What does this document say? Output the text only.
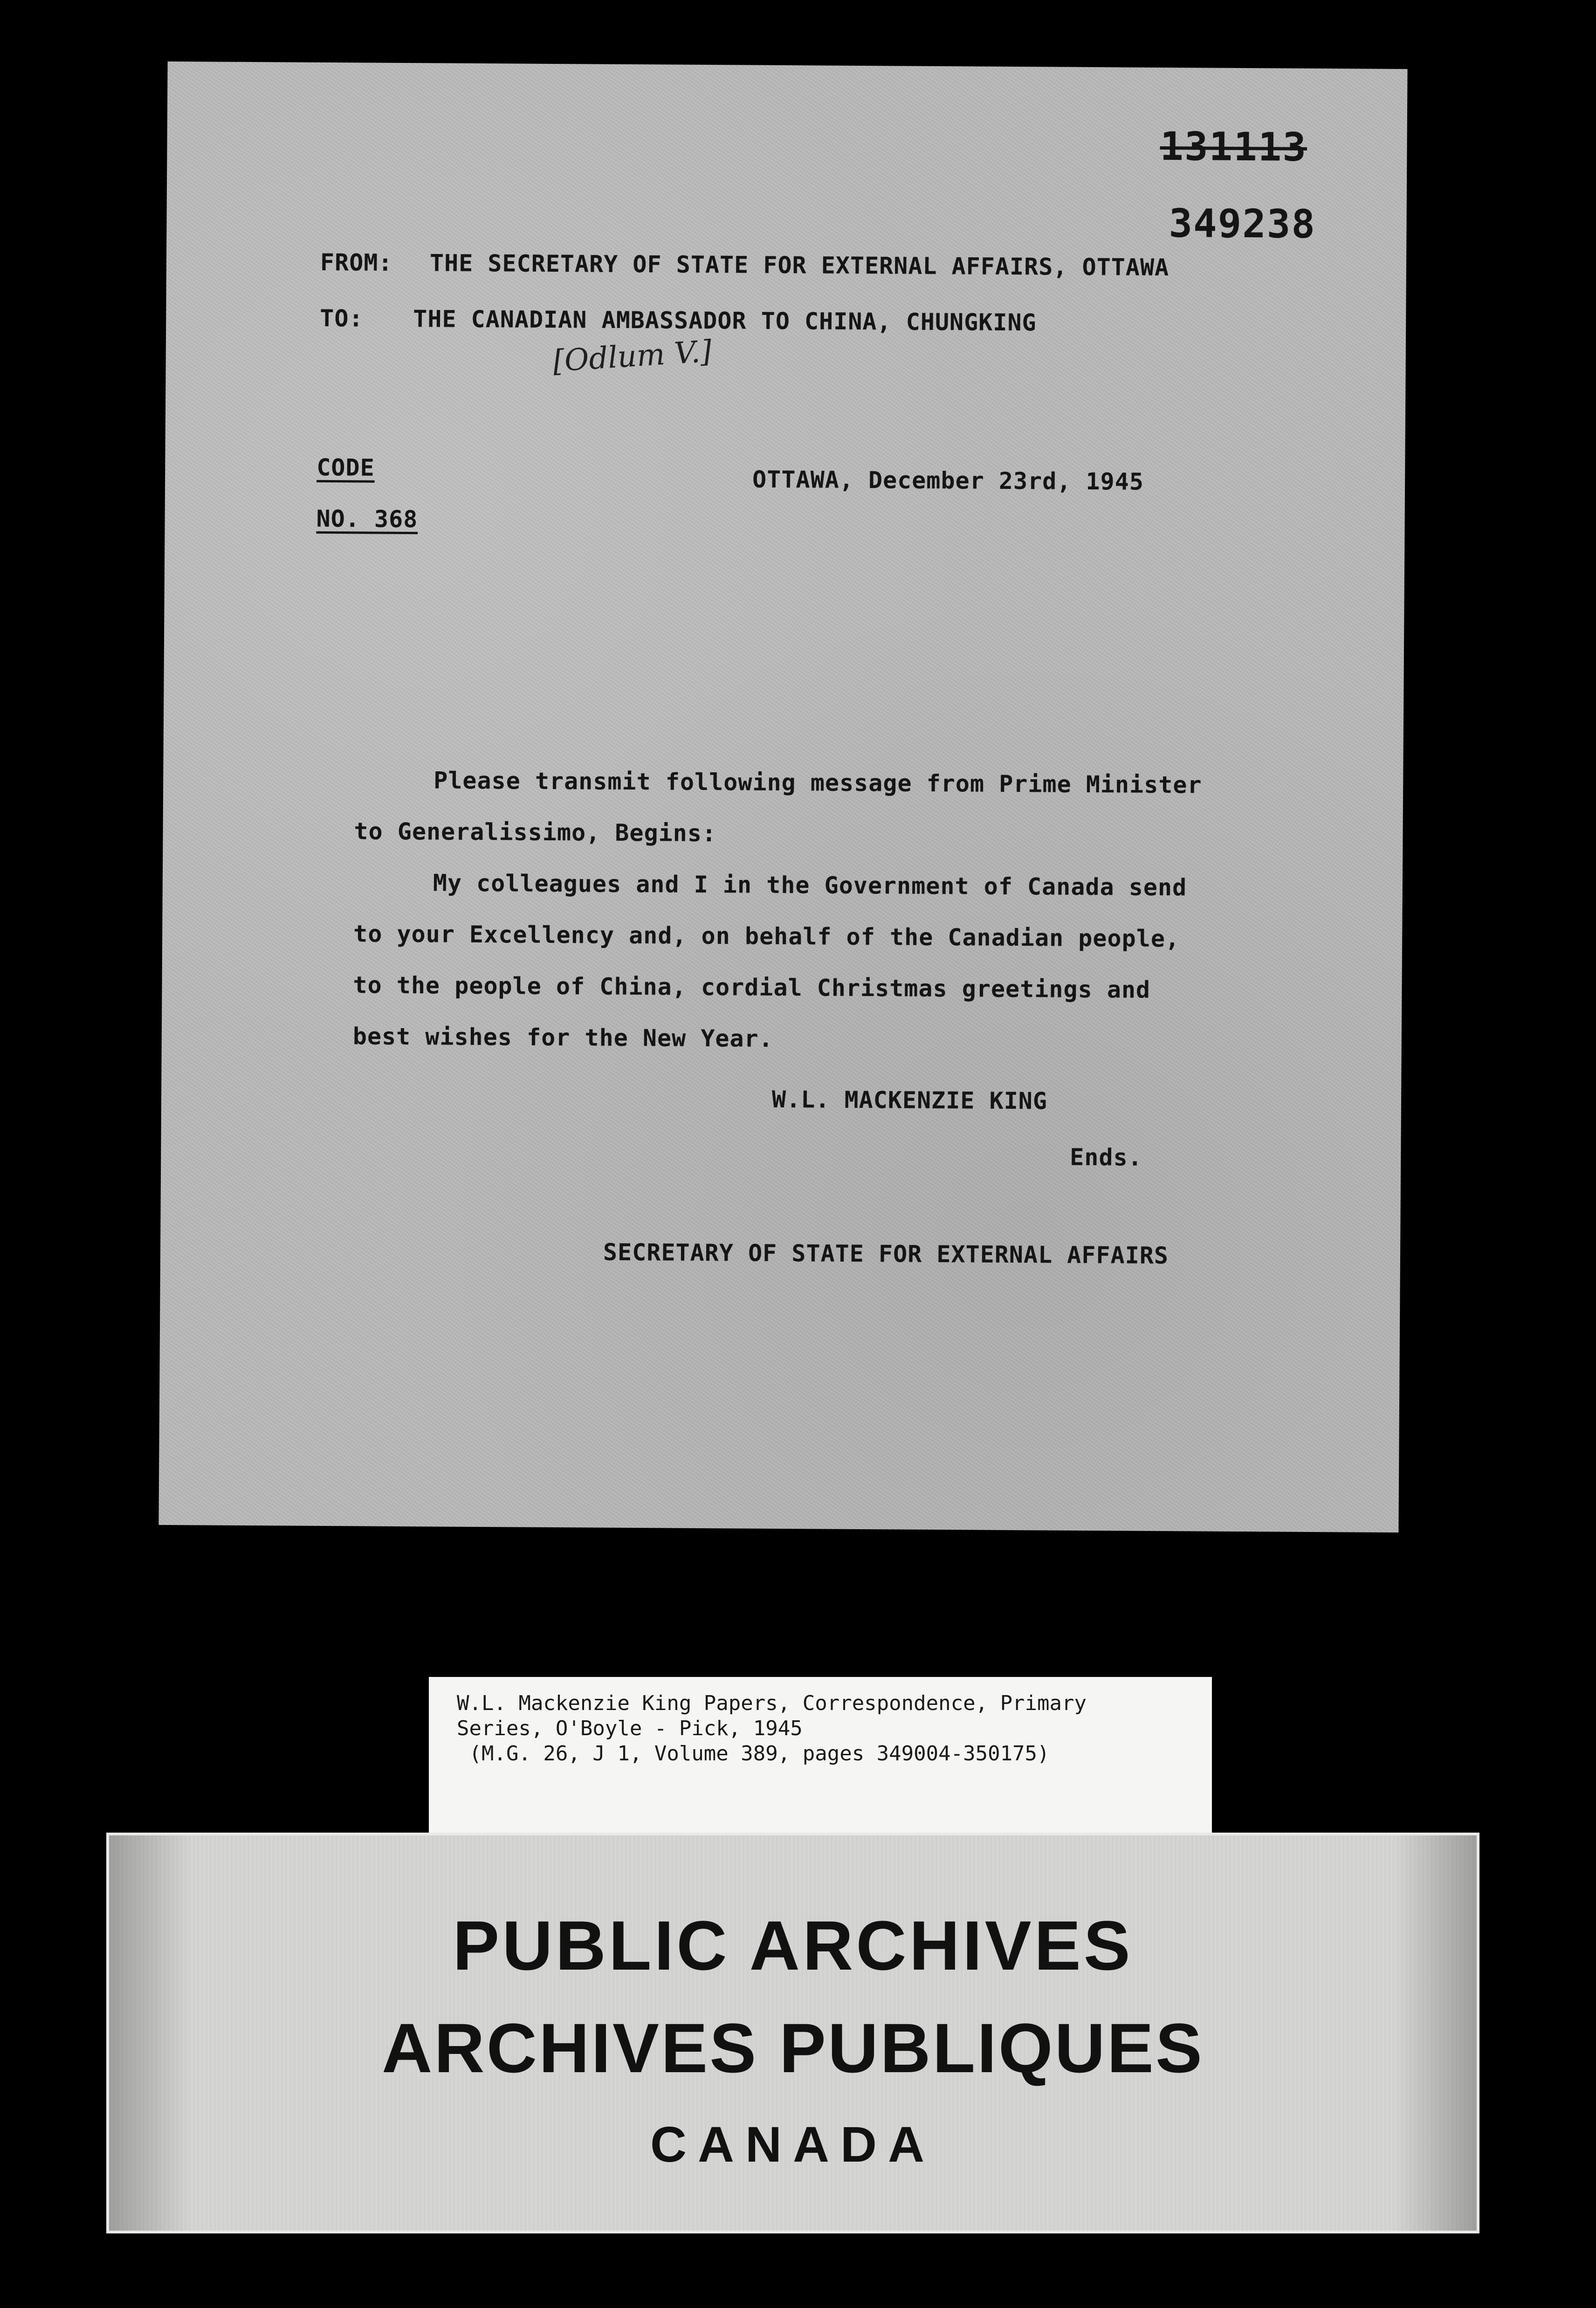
131113
349238
FROM: THE SECRETARY OF STATE FOR EXTERNAL AFFAIRS, OTTAWA
TO: THE CANADIAN AMBASSADOR TO CHINA, CHUNGKING
[Odlum V.]
CODE
NO. 368
OTTAWA, December 23rd, 1945
Please transmit following message from Prime Minister
to Generalissimo, Begins:
My colleagues and I in the Government of Canada send
to your Excellency and, on behalf of the Canadian people,
to the people of China, cordial Christmas greetings and
best wishes for the New Year.
W.L. MACKENZIE KING
Ends.
SECRETARY OF STATE FOR EXTERNAL AFFAIRS
W.L. Mackenzie King Papers, Correspondence, Primary
Series, O'Boyle - Pick, 1945
(M.G. 26, J 1, Volume 389, pages 349004-350175)
PUBLIC ARCHIVES
ARCHIVES PUBLIQUES
CANADA
